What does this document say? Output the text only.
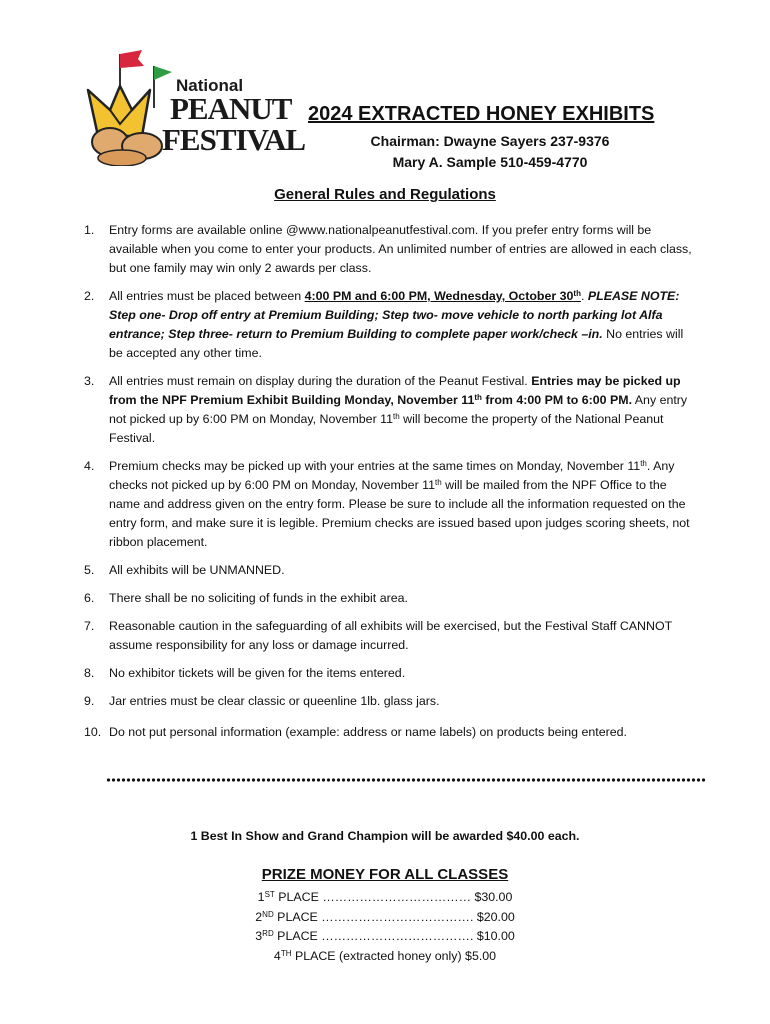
National
PEANUT
FESTIVAL
2024 EXTRACTED HONEY EXHIBITS
Chairman: Dwayne Sayers 237-9376
Mary A. Sample 510-459-4770
General Rules and Regulations
1.	Entry forms are available online @www.nationalpeanutfestival.com. If you prefer entry forms will be available when you come to enter your products. An unlimited number of entries are allowed in each class, but one family may win only 2 awards per class.
2.	All entries must be placed between 4:00 PM and 6:00 PM, Wednesday, October 30th. PLEASE NOTE: Step one- Drop off entry at Premium Building; Step two- move vehicle to north parking lot Alfa entrance; Step three- return to Premium Building to complete paper work/check –in. No entries will be accepted any other time.
3.	All entries must remain on display during the duration of the Peanut Festival. Entries may be picked up from the NPF Premium Exhibit Building Monday, November 11th from 4:00 PM to 6:00 PM. Any entry not picked up by 6:00 PM on Monday, November 11th will become the property of the National Peanut Festival.
4.	Premium checks may be picked up with your entries at the same times on Monday, November 11th. Any checks not picked up by 6:00 PM on Monday, November 11th will be mailed from the NPF Office to the name and address given on the entry form. Please be sure to include all the information requested on the entry form, and make sure it is legible. Premium checks are issued based upon judges scoring sheets, not ribbon placement.
5.	All exhibits will be UNMANNED.
6.	There shall be no soliciting of funds in the exhibit area.
7.	Reasonable caution in the safeguarding of all exhibits will be exercised, but the Festival Staff CANNOT assume responsibility for any loss or damage incurred.
8.	No exhibitor tickets will be given for the items entered.
9.	Jar entries must be clear classic or queenline 1lb. glass jars.
10. Do not put personal information (example: address or name labels) on products being entered.
1 Best In Show and Grand Champion will be awarded $40.00 each.
PRIZE MONEY FOR ALL CLASSES
1ST PLACE ……………………………… $30.00
2ND PLACE ………………………………. $20.00
3RD PLACE ………………………………. $10.00
4TH PLACE (extracted honey only) $5.00
